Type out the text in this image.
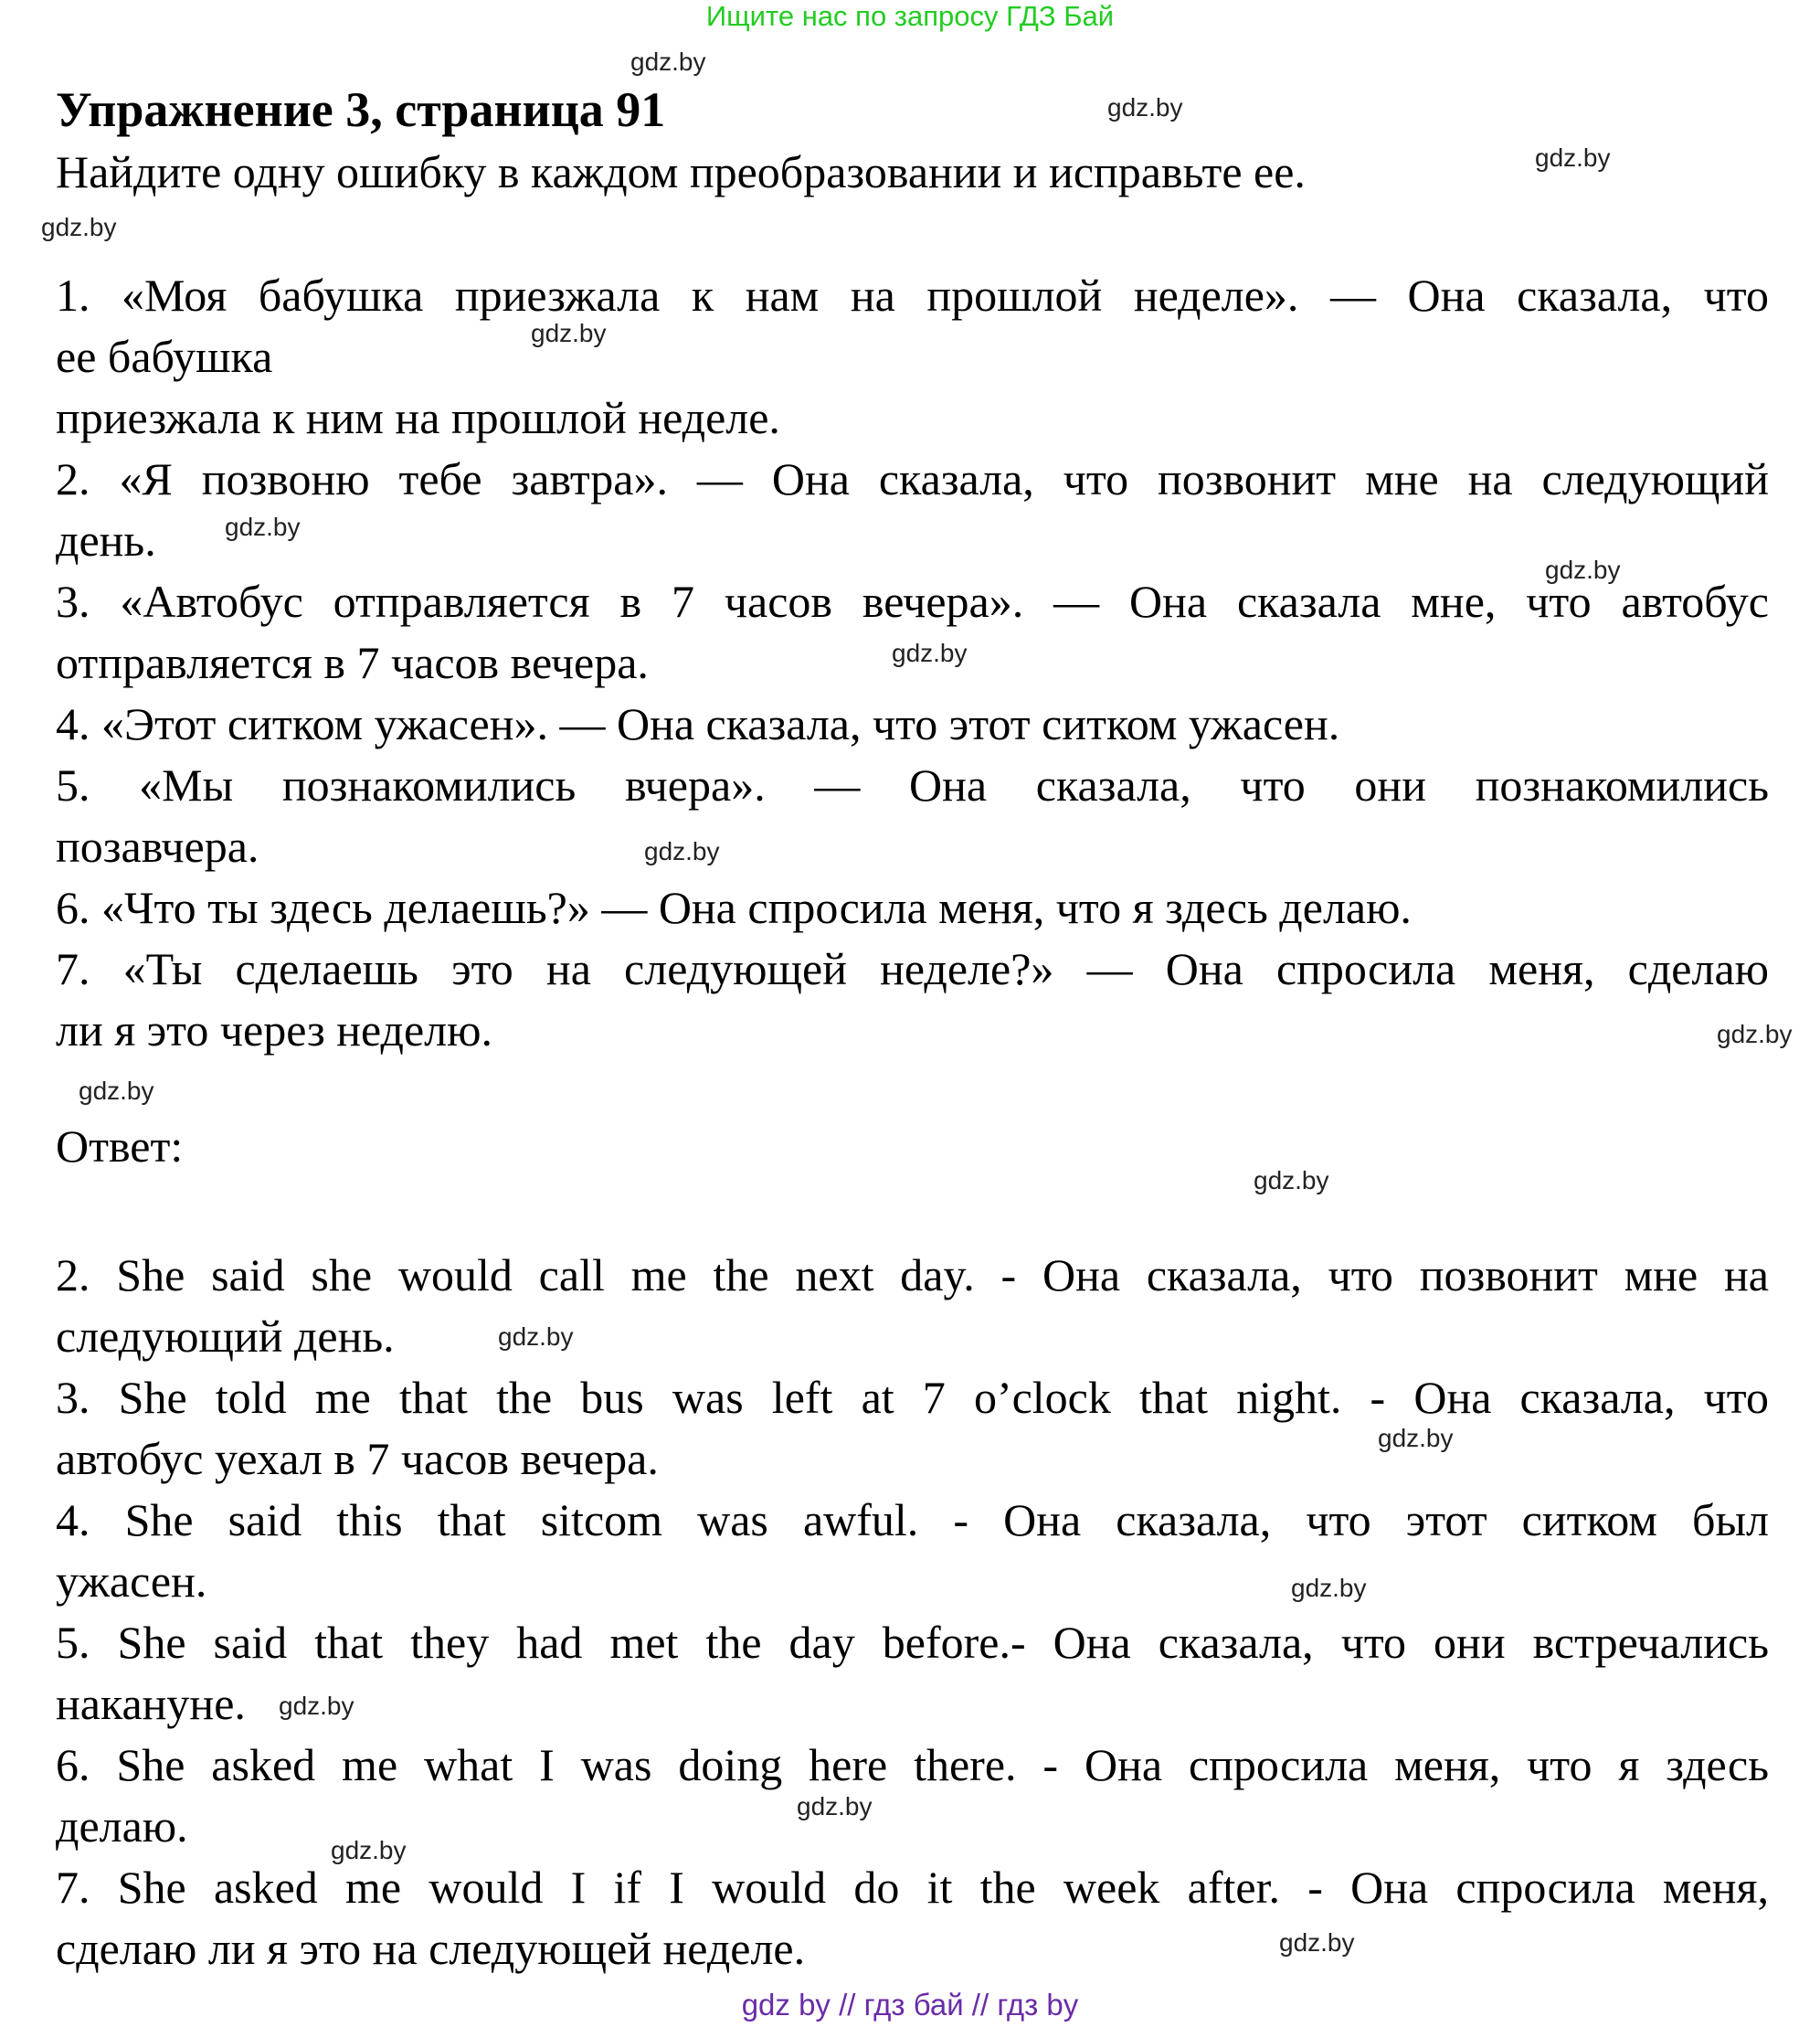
Ищите нас по запросу ГДЗ Бай
Упражнение 3, страница 91
Найдите одну ошибку в каждом преобразовании и исправьте ее.
1. «Моя бабушка приезжала к нам на прошлой неделе». — Она сказала, что
ее бабушка
приезжала к ним на прошлой неделе.
2. «Я позвоню тебе завтра». — Она сказала, что позвонит мне на следующий
день.
3. «Автобус отправляется в 7 часов вечера». — Она сказала мне, что автобус
отправляется в 7 часов вечера.
4. «Этот ситком ужасен». — Она сказала, что этот ситком ужасен.
5. «Мы познакомились вчера». — Она сказала, что они познакомились
позавчера.
6. «Что ты здесь делаешь?» — Она спросила меня, что я здесь делаю.
7. «Ты сделаешь это на следующей неделе?» — Она спросила меня, сделаю
ли я это через неделю.
Ответ:
2. She said she would call me the next day. - Она сказала, что позвонит мне на
следующий день.
3. She told me that the bus was left at 7 o’clock that night. - Она сказала, что
автобус уехал в 7 часов вечера.
4. She said this that sitcom was awful. - Она сказала, что этот ситком был
ужасен.
5. She said that they had met the day before.- Она сказала, что они встречались
накануне.
6. She asked me what I was doing here there. - Она спросила меня, что я здесь
делаю.
7. She asked me would I if I would do it the week after. - Она спросила меня,
сделаю ли я это на следующей неделе.
gdz.by
gdz.by
gdz.by
gdz.by
gdz.by
gdz.by
gdz.by
gdz.by
gdz.by
gdz.by
gdz.by
gdz.by
gdz.by
gdz.by
gdz.by
gdz.by
gdz.by
gdz.by
gdz.by
gdz by // гдз бай // гдз by
